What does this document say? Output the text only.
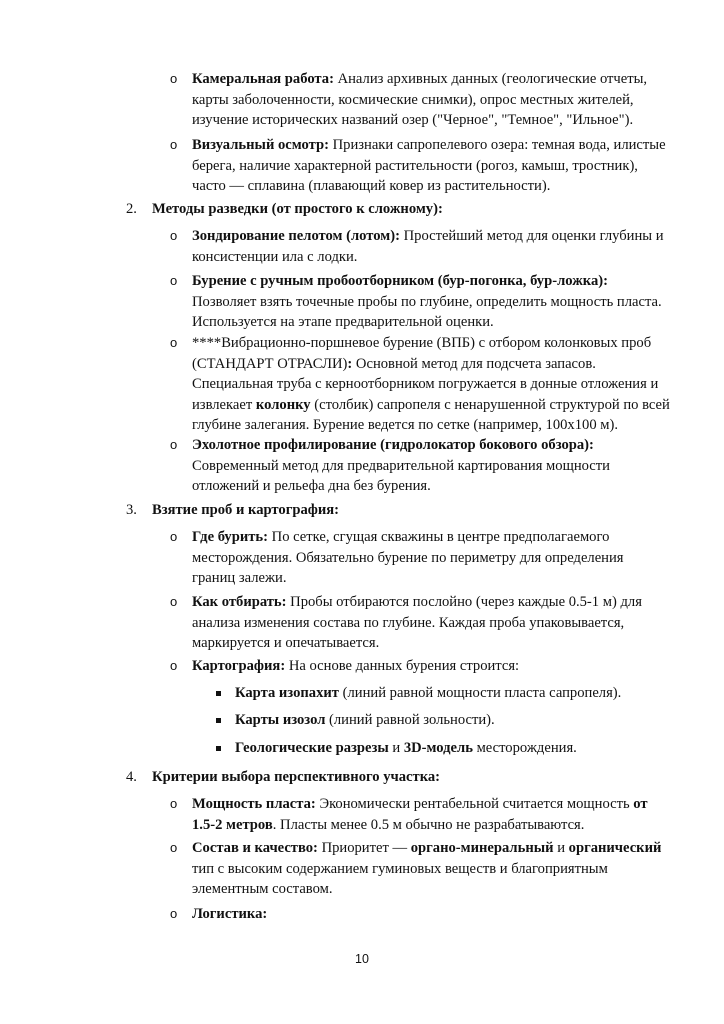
o Камеральная работа: Анализ архивных данных (геологические отчеты, карты заболоченности, космические снимки), опрос местных жителей, изучение исторических названий озер ("Черное", "Темное", "Ильное").
o Визуальный осмотр: Признаки сапропелевого озера: темная вода, илистые берега, наличие характерной растительности (рогоз, камыш, тростник), часто — сплавина (плавающий ковер из растительности).
2. Методы разведки (от простого к сложному):
o Зондирование пелотом (лотом): Простейший метод для оценки глубины и консистенции ила с лодки.
o Бурение с ручным пробоотборником (бур-погонка, бур-ложка): Позволяет взять точечные пробы по глубине, определить мощность пласта. Используется на этапе предварительной оценки.
o ****Вибрационно-поршневое бурение (ВПБ) с отбором колонковых проб (СТАНДАРТ ОТРАСЛИ): Основной метод для подсчета запасов. Специальная труба с керноотборником погружается в донные отложения и извлекает колонку (столбик) сапропеля с ненарушенной структурой по всей глубине залегания. Бурение ведется по сетке (например, 100х100 м).
o Эхолотное профилирование (гидролокатор бокового обзора): Современный метод для предварительной картирования мощности отложений и рельефа дна без бурения.
3. Взятие проб и картография:
o Где бурить: По сетке, сгущая скважины в центре предполагаемого месторождения. Обязательно бурение по периметру для определения границ залежи.
o Как отбирать: Пробы отбираются послойно (через каждые 0.5-1 м) для анализа изменения состава по глубине. Каждая проба упаковывается, маркируется и опечатывается.
o Картография: На основе данных бурения строится:
Карта изопахит (линий равной мощности пласта сапропеля).
Карты изозол (линий равной зольности).
Геологические разрезы и 3D-модель месторождения.
4. Критерии выбора перспективного участка:
o Мощность пласта: Экономически рентабельной считается мощность от 1.5-2 метров. Пласты менее 0.5 м обычно не разрабатываются.
o Состав и качество: Приоритет — органо-минеральный и органический тип с высоким содержанием гуминовых веществ и благоприятным элементным составом.
o Логистика:
10
